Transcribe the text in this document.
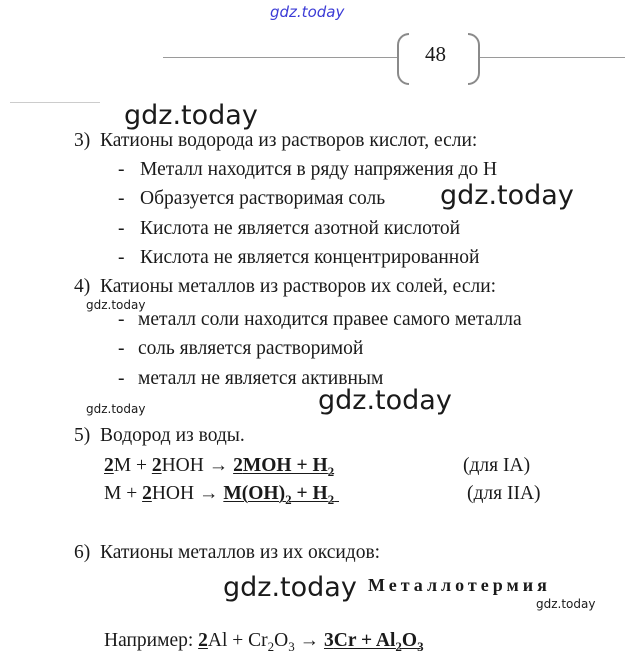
gdz.today
gdz.today
gdz.today
gdz.today
gdz.today	gdz.today
gdz.today
gdz.today
48
3) Катионы водорода из растворов кислот, если:
- Металл находится в ряду напряжения до Н
- Образуется растворимая соль
- Кислота не является азотной кислотой
- Кислота не является концентрированной
4) Катионы металлов из растворов их солей, если:
- металл соли находится правее самого металла
- соль является растворимой
- металл не является активным
5) Водород из воды.
$2M + 2HOH \to 2MOH + H_2$	(для IA)
$M + 2HOH \to M(OH)_2 + H_2$	(для IIA)
6) Катионы металлов из их оксидов:
Металлотермия
Например: $2Al + Cr_2O_3 \to 3Cr + Al_2O_3$
